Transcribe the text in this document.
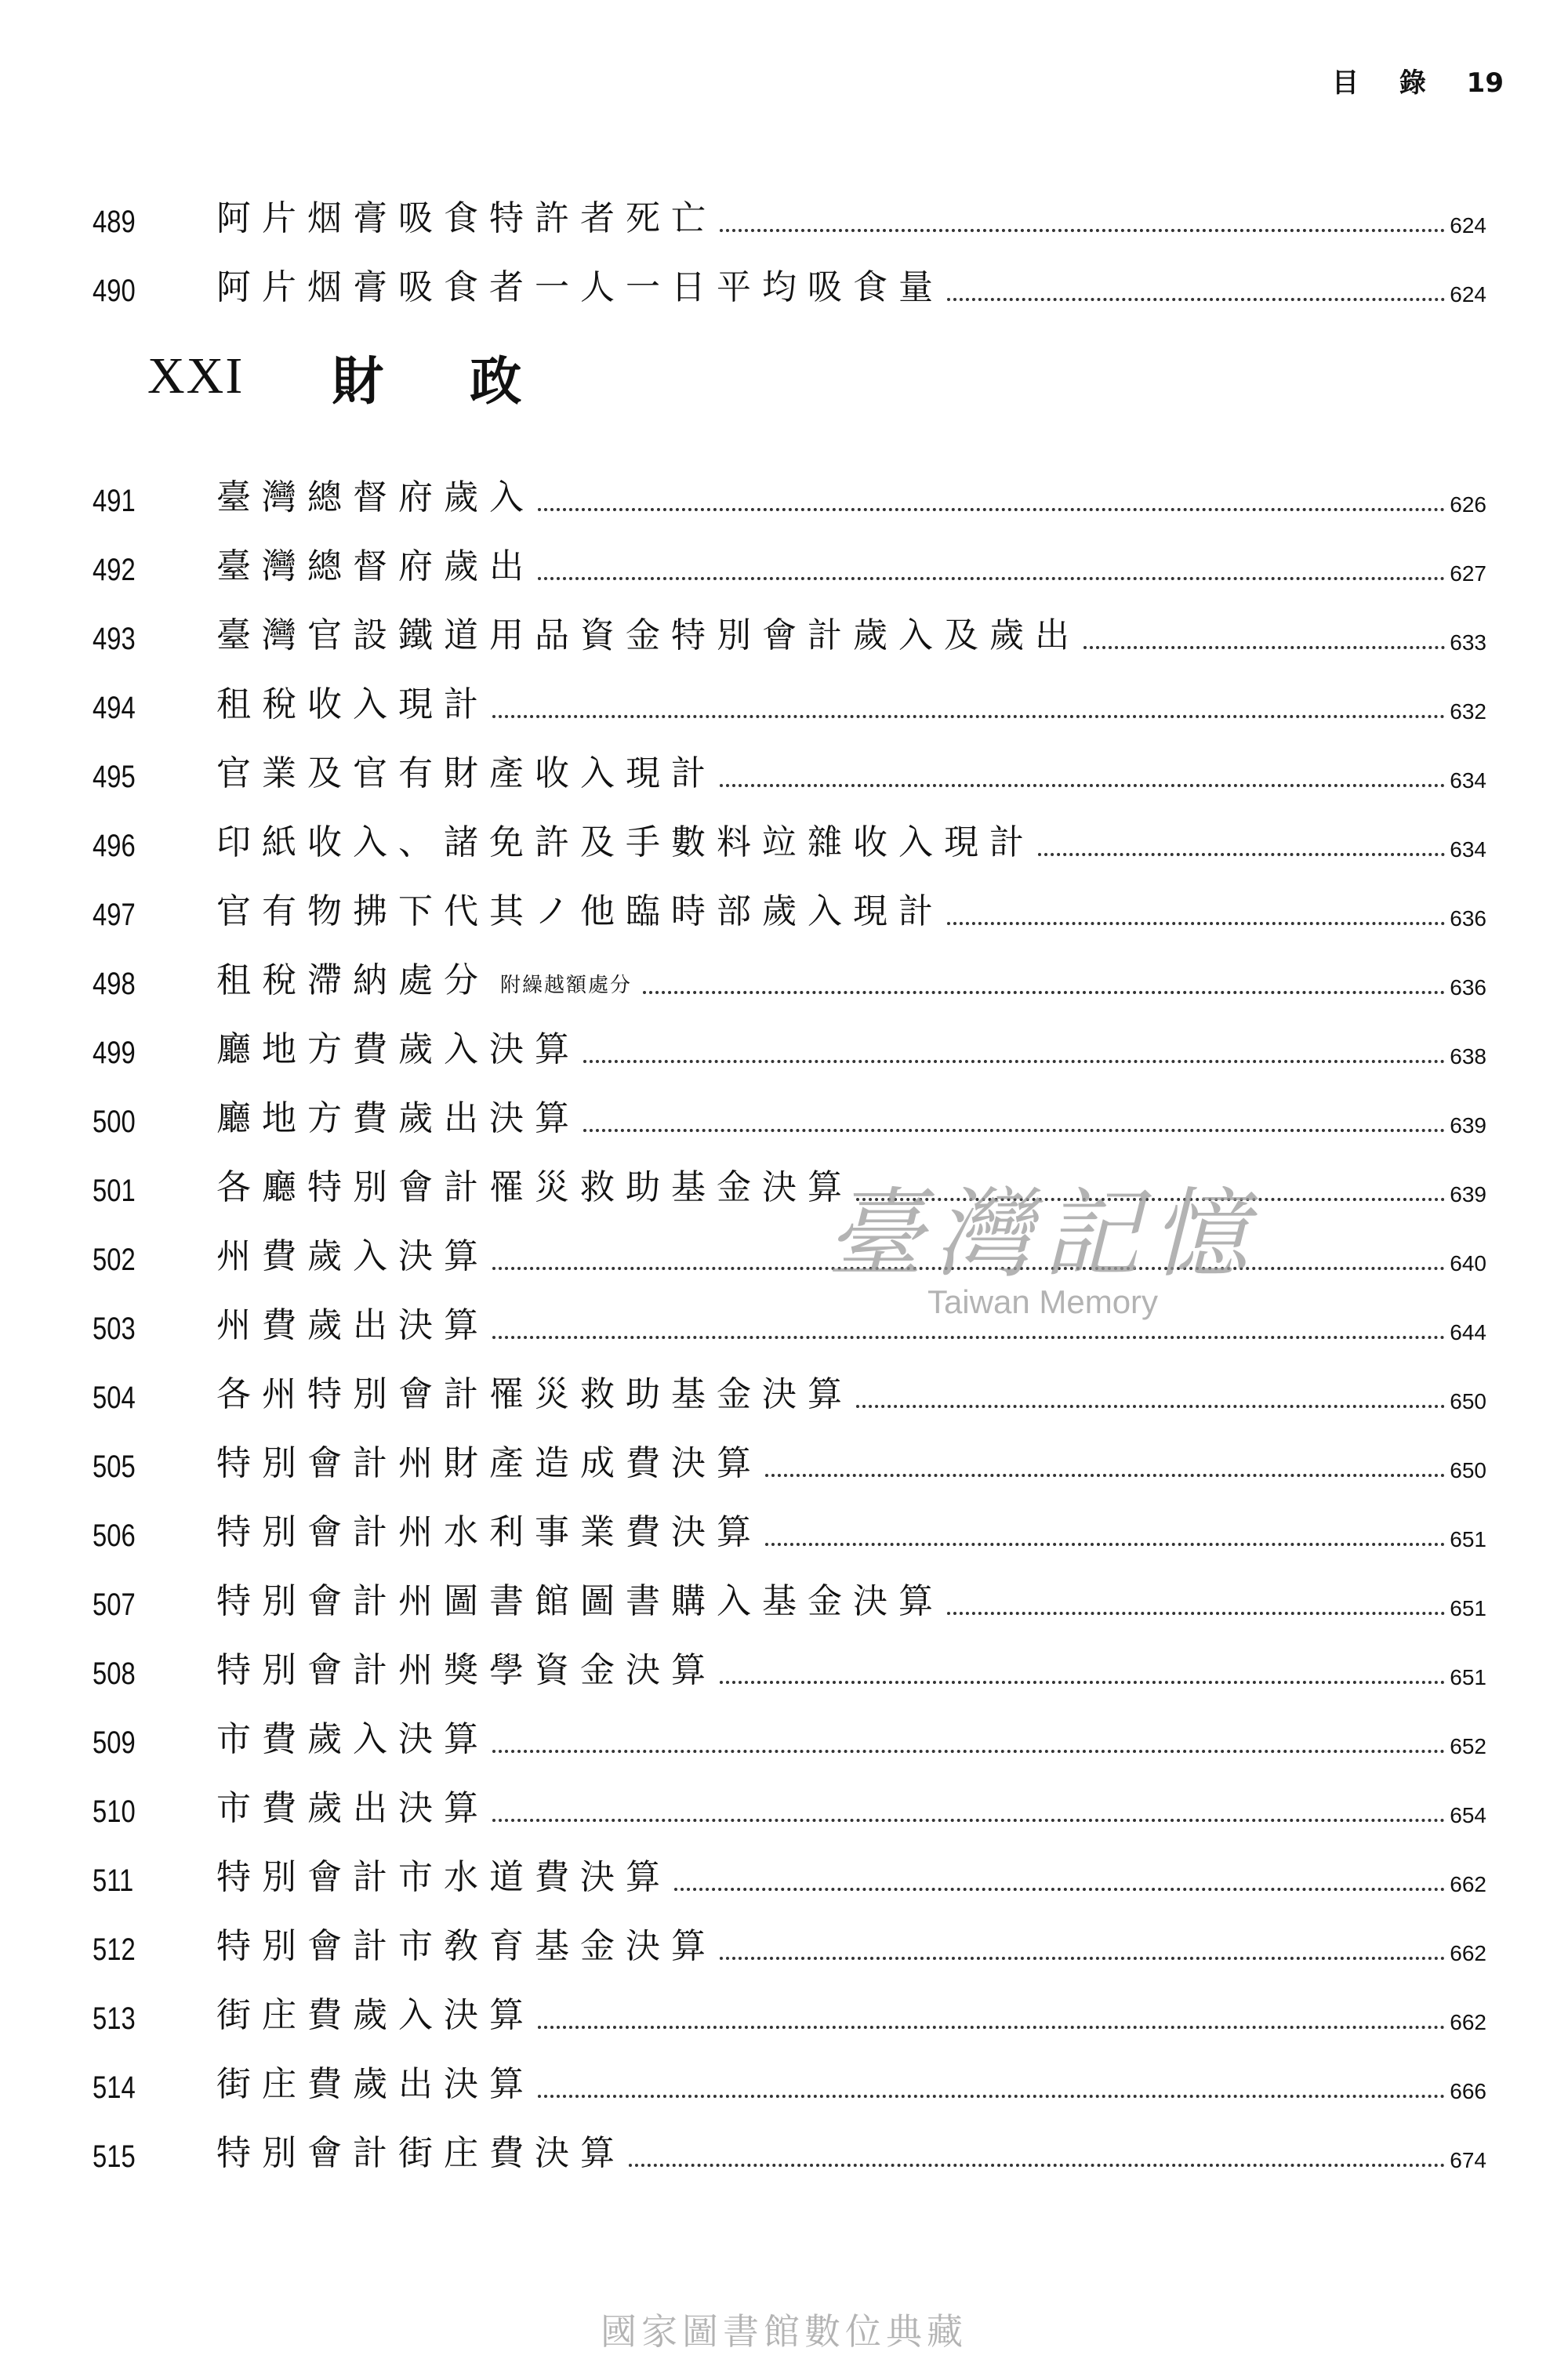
目 錄 19
489	阿片烟膏吸食特許者死亡	624
490	阿片烟膏吸食者一人一日平均吸食量	624
XXI 財政
491	臺灣總督府歲入	626
492	臺灣總督府歲出	627
493	臺灣官設鐵道用品資金特別會計歲入及歲出	633
494	租稅收入現計	632
495	官業及官有財產收入現計	634
496	印紙收入、諸免許及手數料竝雜收入現計	634
497	官有物拂下代其ノ他臨時部歲入現計	636
498	租稅滯納處分 附繰越額處分	636
499	廳地方費歲入決算	638
500	廳地方費歲出決算	639
501	各廳特別會計罹災救助基金決算	639
502	州費歲入決算	640
503	州費歲出決算	644
504	各州特別會計罹災救助基金決算	650
505	特別會計州財產造成費決算	650
506	特別會計州水利事業費決算	651
507	特別會計州圖書館圖書購入基金決算	651
508	特別會計州獎學資金決算	651
509	市費歲入決算	652
510	市費歲出決算	654
511	特別會計市水道費決算	662
512	特別會計市敎育基金決算	662
513	街庄費歲入決算	662
514	街庄費歲出決算	666
515	特別會計街庄費決算	674
臺灣記憶
Taiwan Memory
國家圖書館數位典藏
